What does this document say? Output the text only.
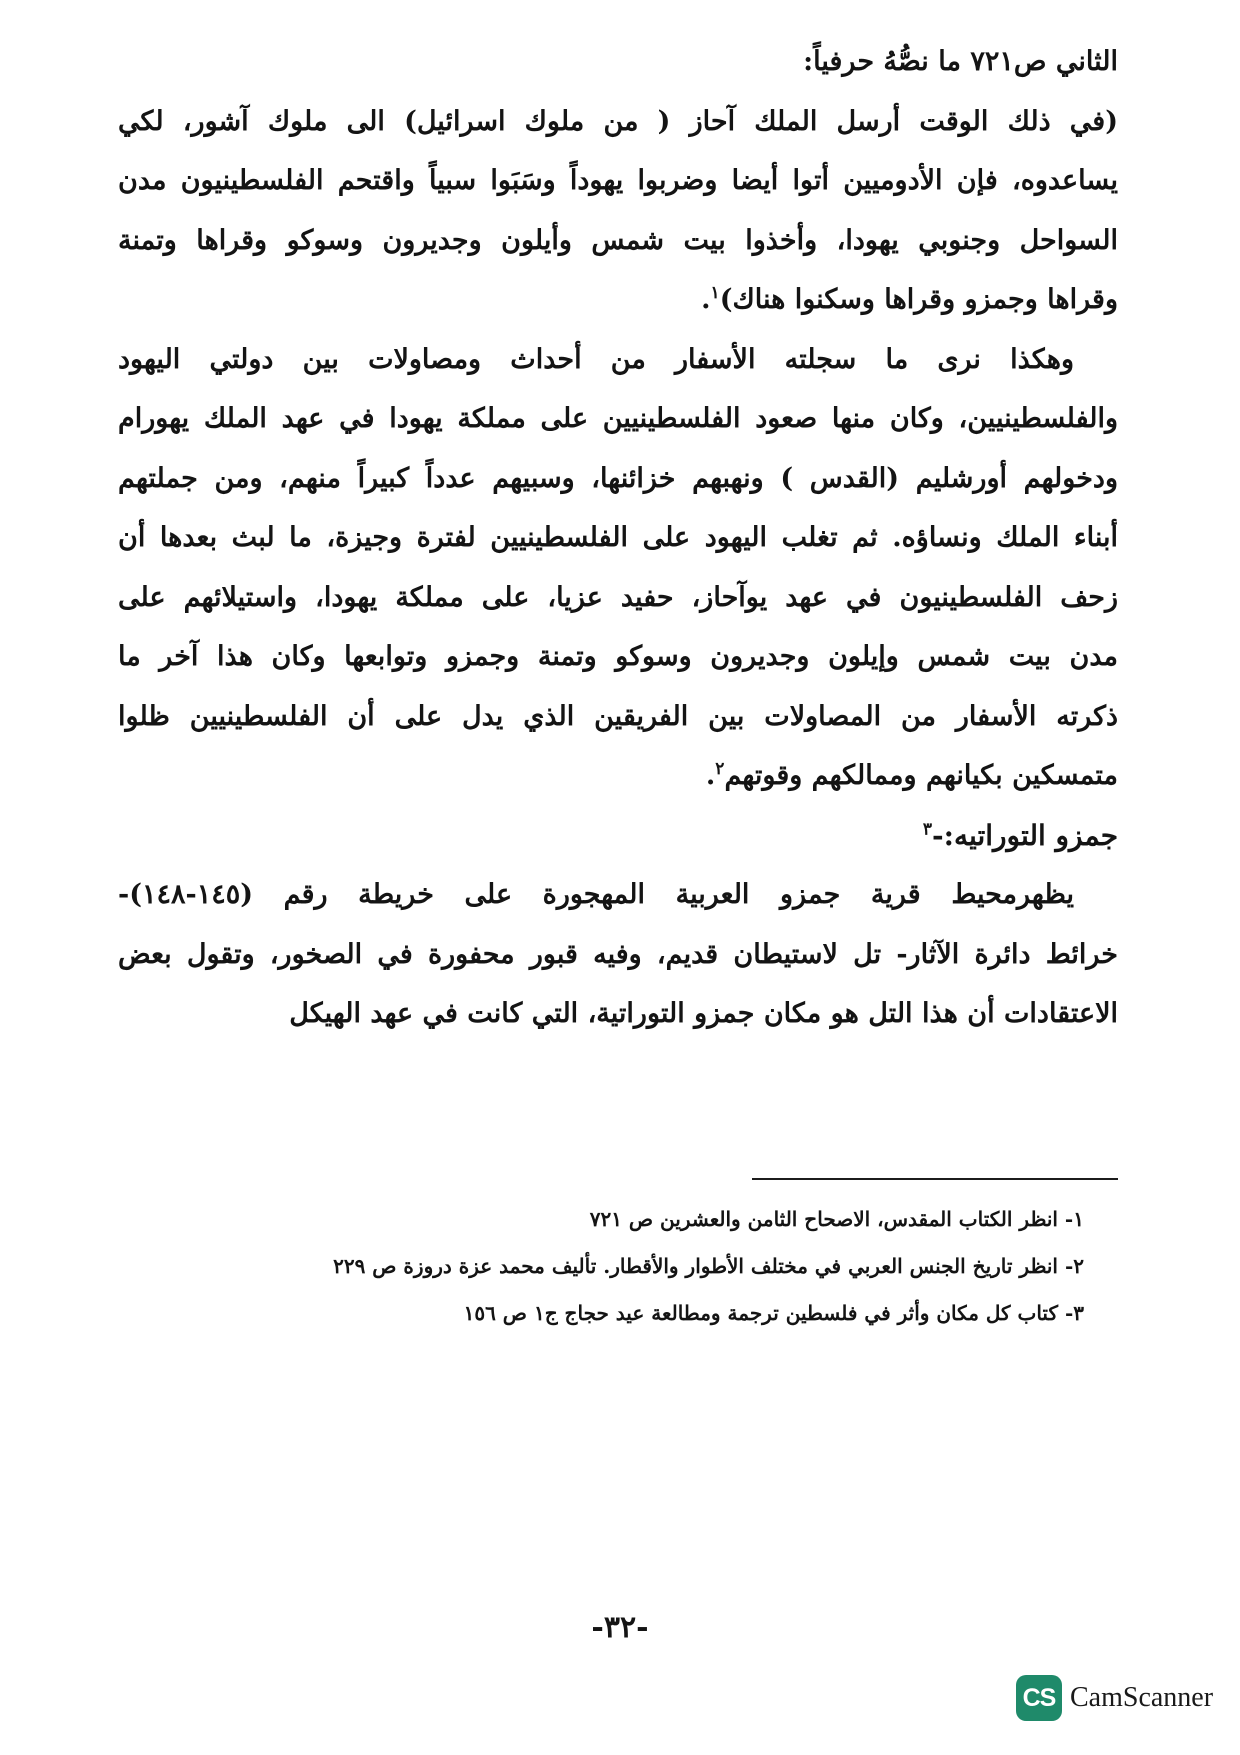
الثاني ص٧٢١ ما نصُّهُ حرفياً:
(في ذلك الوقت أرسل الملك آحاز ( من ملوك اسرائيل) الى ملوك آشور، لكي
يساعدوه، فإن الأدوميين أتوا أيضا وضربوا يهوداً وسَبَوا سبياً واقتحم الفلسطينيون مدن
السواحل وجنوبي يهودا، وأخذوا بيت شمس وأيلون وجديرون وسوكو وقراها وتمنة
وقراها وجمزو وقراها وسكنوا هناك)$^١$.
وهكذا نرى ما سجلته الأسفار من أحداث ومصاولات بين دولتي اليهود
والفلسطينيين، وكان منها صعود الفلسطينيين على مملكة يهودا في عهد الملك يهورام
ودخولهم أورشليم (القدس ) ونهبهم خزائنها، وسبيهم عدداً كبيراً منهم، ومن جملتهم
أبناء الملك ونساؤه. ثم تغلب اليهود على الفلسطينيين لفترة وجيزة، ما لبث بعدها أن
زحف الفلسطينيون في عهد يوآحاز، حفيد عزيا، على مملكة يهودا، واستيلائهم على
مدن بيت شمس وإيلون وجديرون وسوكو وتمنة وجمزو وتوابعها وكان هذا آخر ما
ذكرته الأسفار من المصاولات بين الفريقين الذي يدل على أن الفلسطينيين ظلوا
متمسكين بكيانهم وممالكهم وقوتهم$^٢$.
جمزو التوراتيه:-$^٣$
يظهرمحيط قرية جمزو العربية المهجورة على خريطة رقم (١٤٥-١٤٨)-
خرائط دائرة الآثار- تل لاستيطان قديم، وفيه قبور محفورة في الصخور، وتقول بعض
الاعتقادات أن هذا التل هو مكان جمزو التوراتية، التي كانت في عهد الهيكل
١- انظر الكتاب المقدس، الاصحاح الثامن والعشرين ص ٧٢١
٢- انظر تاريخ الجنس العربي في مختلف الأطوار والأقطار. تأليف محمد عزة دروزة ص ٢٢٩
٣- كتاب كل مكان وأثر في فلسطين ترجمة ومطالعة عيد حجاج ج١ ص ١٥٦
-٣٢-
CS CamScanner
